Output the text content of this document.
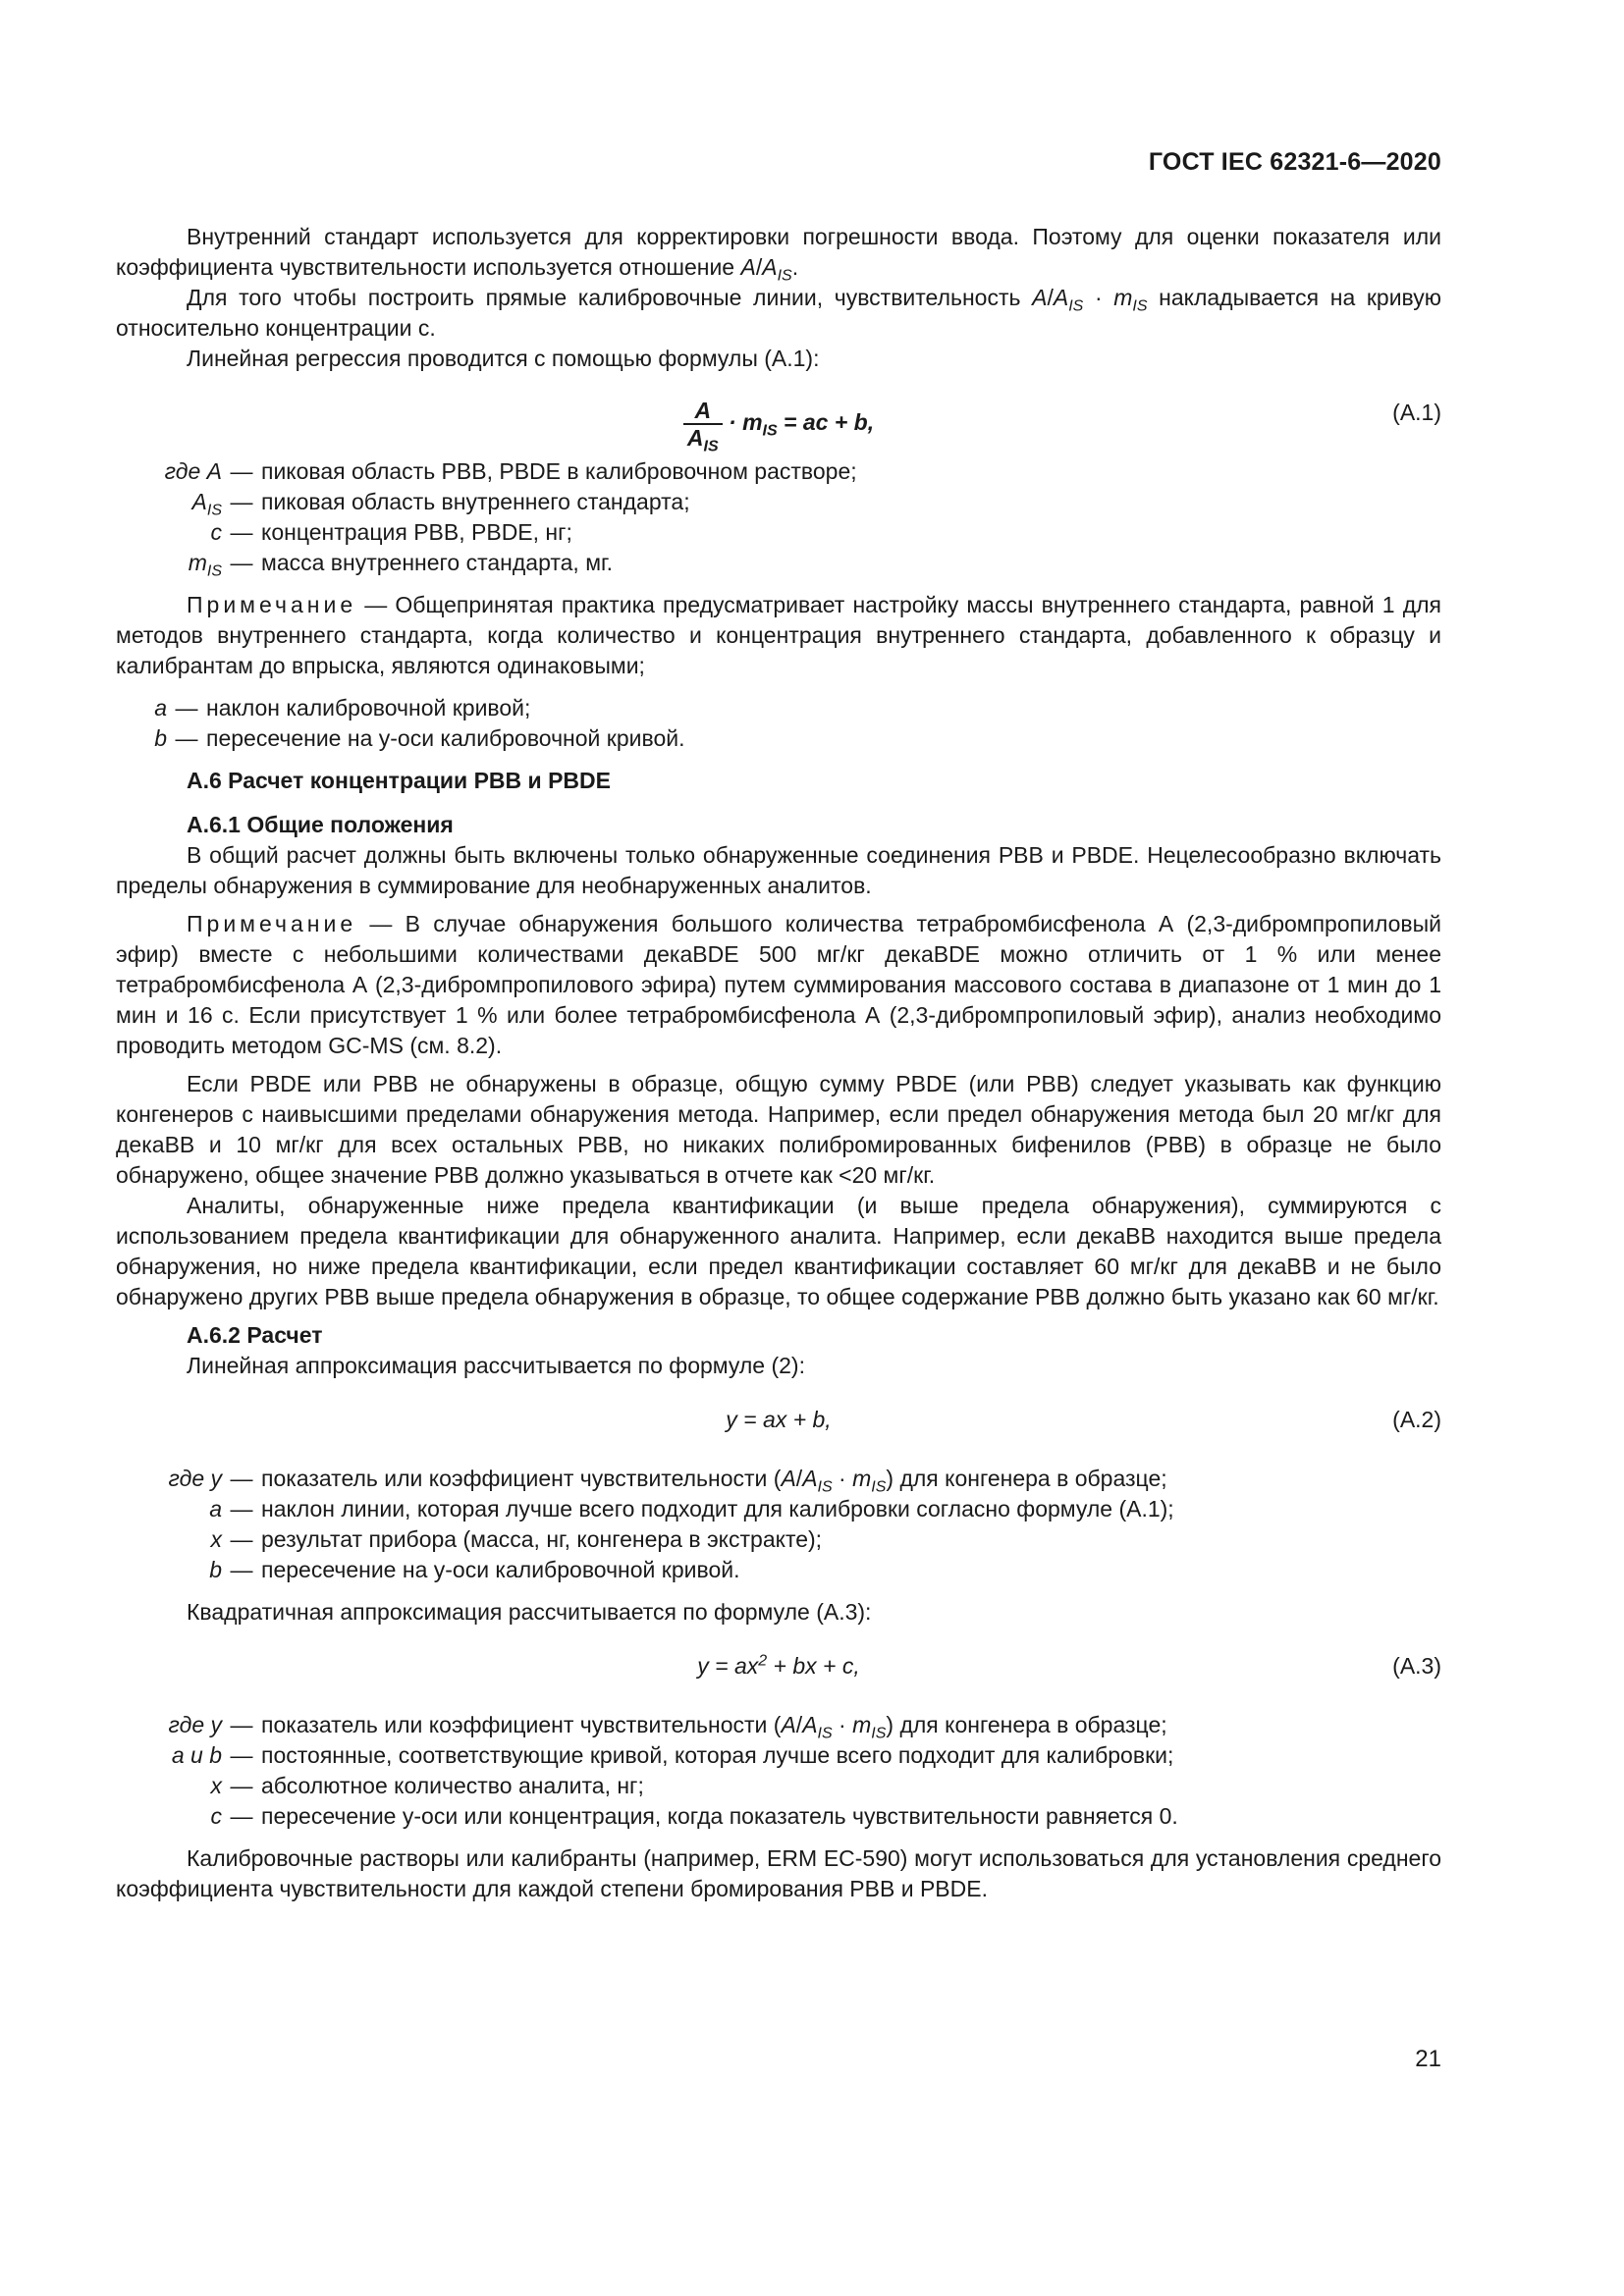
ГОСТ IEC 62321-6—2020

Внутренний стандарт используется для корректировки погрешности ввода. Поэтому для оценки показателя или коэффициента чувствительности используется отношение $A/A_{IS}$.

Для того чтобы построить прямые калибровочные линии, чувствительность $A/A_{IS} \cdot m_{IS}$ накладывается на кривую относительно концентрации с.

Линейная регрессия проводится с помощью формулы (А.1):

$\frac{A}{A_{IS}} \cdot m_{IS}$ = ac + b,	(А.1)
где A	—	пиковая область РВВ, PBDE в калибровочном растворе;
$A_{IS}$	—	пиковая область внутреннего стандарта;
c	—	концентрация РВВ, PBDE, нг;
$m_{IS}$	—	масса внутреннего стандарта, мг.

Примечание — Общепринятая практика предусматривает настройку массы внутреннего стандарта, равной 1 для методов внутреннего стандарта, когда количество и концентрация внутреннего стандарта, добавленного к образцу и калибрантам до впрыска, являются одинаковыми;

a	—	наклон калибровочной кривой;
b	—	пересечение на у-оси калибровочной кривой.

А.6 Расчет концентрации РВВ и PBDE

А.6.1 Общие положения

В общий расчет должны быть включены только обнаруженные соединения РВВ и PBDE. Нецелесообразно включать пределы обнаружения в суммирование для необнаруженных аналитов.

Примечание — В случае обнаружения большого количества тетрабромбисфенола А (2,3-дибромпропиловый эфир) вместе с небольшими количествами декаBDE 500 мг/кг декаBDE можно отличить от 1 % или менее тетрабромбисфенола А (2,3-дибромпропилового эфира) путем суммирования массового состава в диапазоне от 1 мин до 1 мин и 16 с. Если присутствует 1 % или более тетрабромбисфенола А (2,3-дибромпропиловый эфир), анализ необходимо проводить методом GC-MS (см. 8.2).

Если PBDE или РВВ не обнаружены в образце, общую сумму PBDE (или РВВ) следует указывать как функцию конгенеров с наивысшими пределами обнаружения метода. Например, если предел обнаружения метода был 20 мг/кг для декаBB и 10 мг/кг для всех остальных РВВ, но никаких полибромированных бифенилов (РВВ) в образце не было обнаружено, общее значение РВВ должно указываться в отчете как <20 мг/кг.

Аналиты, обнаруженные ниже предела квантификации (и выше предела обнаружения), суммируются с использованием предела квантификации для обнаруженного аналита. Например, если декаBB находится выше предела обнаружения, но ниже предела квантификации, если предел квантификации составляет 60 мг/кг для декаBB и не было обнаружено других РВВ выше предела обнаружения в образце, то общее содержание РВВ должно быть указано как 60 мг/кг.

А.6.2 Расчет

Линейная аппроксимация рассчитывается по формуле (2):

y = ax + b,	(А.2)
где y	—	показатель или коэффициент чувствительности $(A/A_{IS} \cdot m_{IS})$ для конгенера в образце;
a	—	наклон линии, которая лучше всего подходит для калибровки согласно формуле (А.1);
x	—	результат прибора (масса, нг, конгенера в экстракте);
b	—	пересечение на у-оси калибровочной кривой.

Квадратичная аппроксимация рассчитывается по формуле (А.3):

$y = ax^2$ + bx + c,	(А.3)
где y	—	показатель или коэффициент чувствительности $(A/A_{IS} \cdot m_{IS})$ для конгенера в образце;
a и b	—	постоянные, соответствующие кривой, которая лучше всего подходит для калибровки;
x	—	абсолютное количество аналита, нг;
c	—	пересечение у-оси или концентрация, когда показатель чувствительности равняется 0.

Калибровочные растворы или калибранты (например, ERM EC-590) могут использоваться для установления среднего коэффициента чувствительности для каждой степени бромирования РВВ и PBDE.

21
